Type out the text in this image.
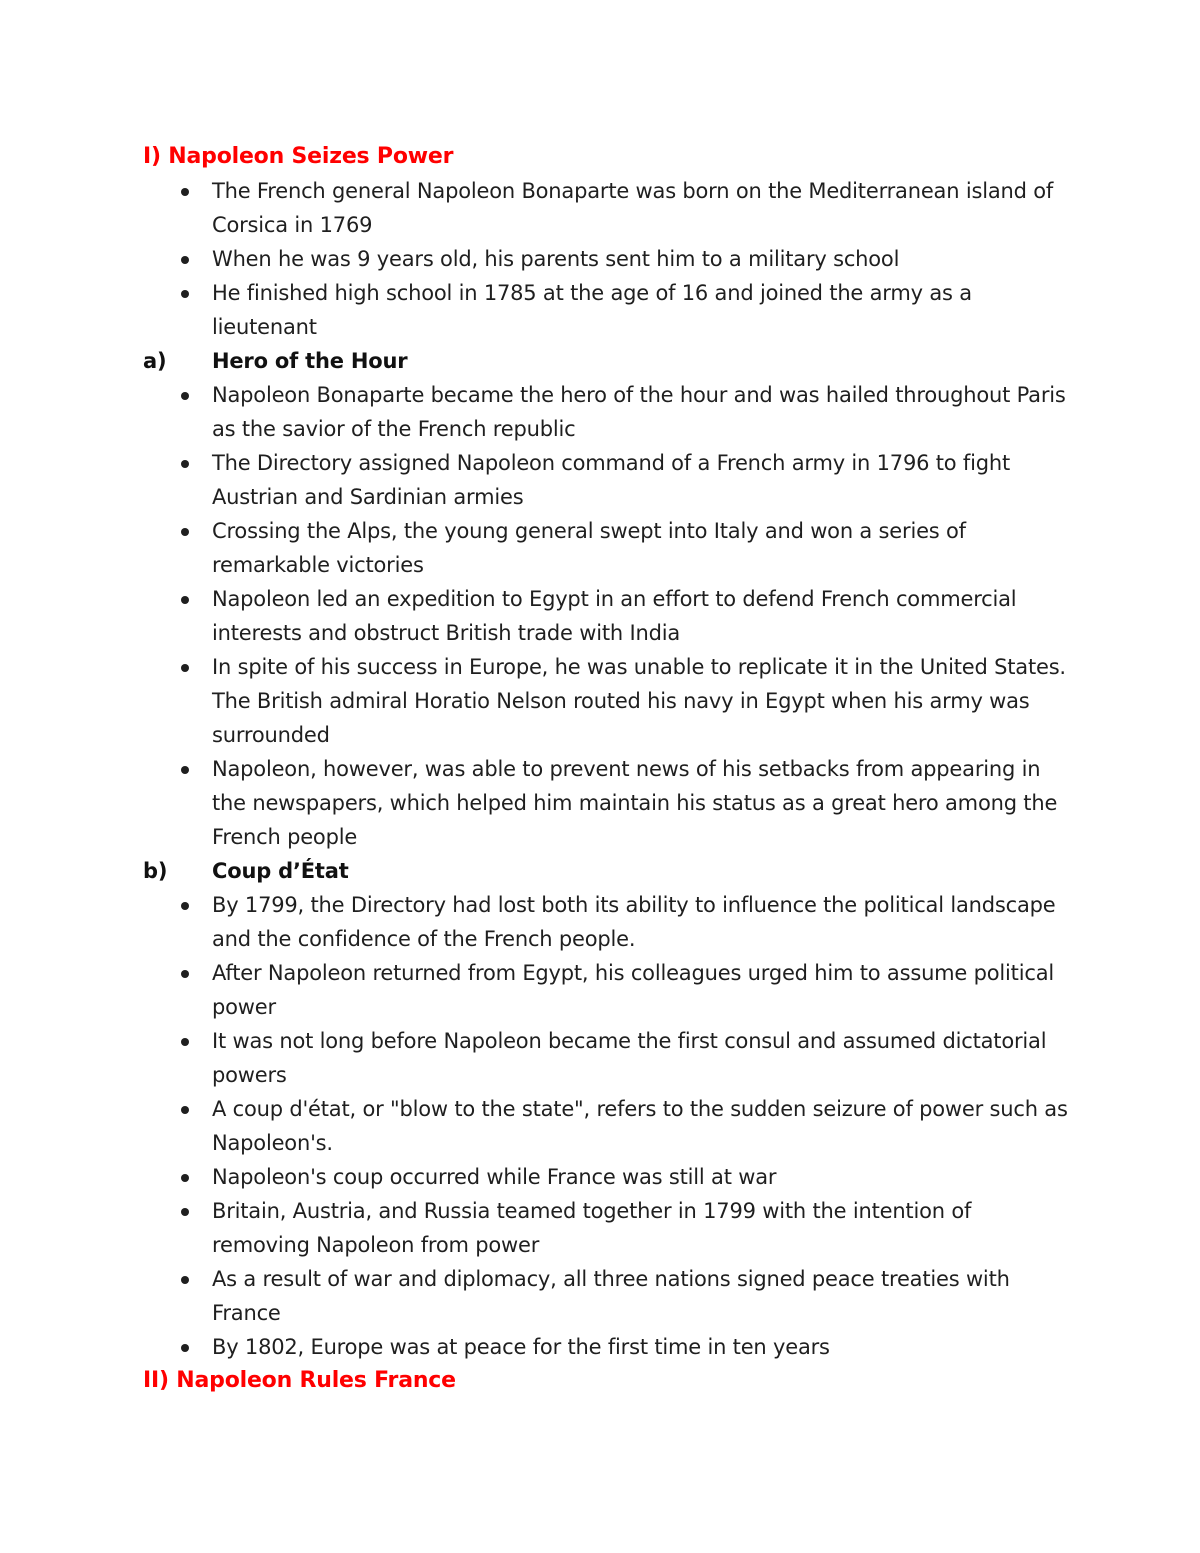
I) Napoleon Seizes Power
The French general Napoleon Bonaparte was born on the Mediterranean island of Corsica in 1769
When he was 9 years old, his parents sent him to a military school
He finished high school in 1785 at the age of 16 and joined the army as a lieutenant
a)	Hero of the Hour
Napoleon Bonaparte became the hero of the hour and was hailed throughout Paris as the savior of the French republic
The Directory assigned Napoleon command of a French army in 1796 to fight Austrian and Sardinian armies
Crossing the Alps, the young general swept into Italy and won a series of remarkable victories
Napoleon led an expedition to Egypt in an effort to defend French commercial interests and obstruct British trade with India
In spite of his success in Europe, he was unable to replicate it in the United States. The British admiral Horatio Nelson routed his navy in Egypt when his army was surrounded
Napoleon, however, was able to prevent news of his setbacks from appearing in the newspapers, which helped him maintain his status as a great hero among the French people
b)	Coup d’État
By 1799, the Directory had lost both its ability to influence the political landscape and the confidence of the French people.
After Napoleon returned from Egypt, his colleagues urged him to assume political power
It was not long before Napoleon became the first consul and assumed dictatorial powers
A coup d'état, or "blow to the state", refers to the sudden seizure of power such as Napoleon's.
Napoleon's coup occurred while France was still at war
Britain, Austria, and Russia teamed together in 1799 with the intention of removing Napoleon from power
As a result of war and diplomacy, all three nations signed peace treaties with France
By 1802, Europe was at peace for the first time in ten years
II) Napoleon Rules France
